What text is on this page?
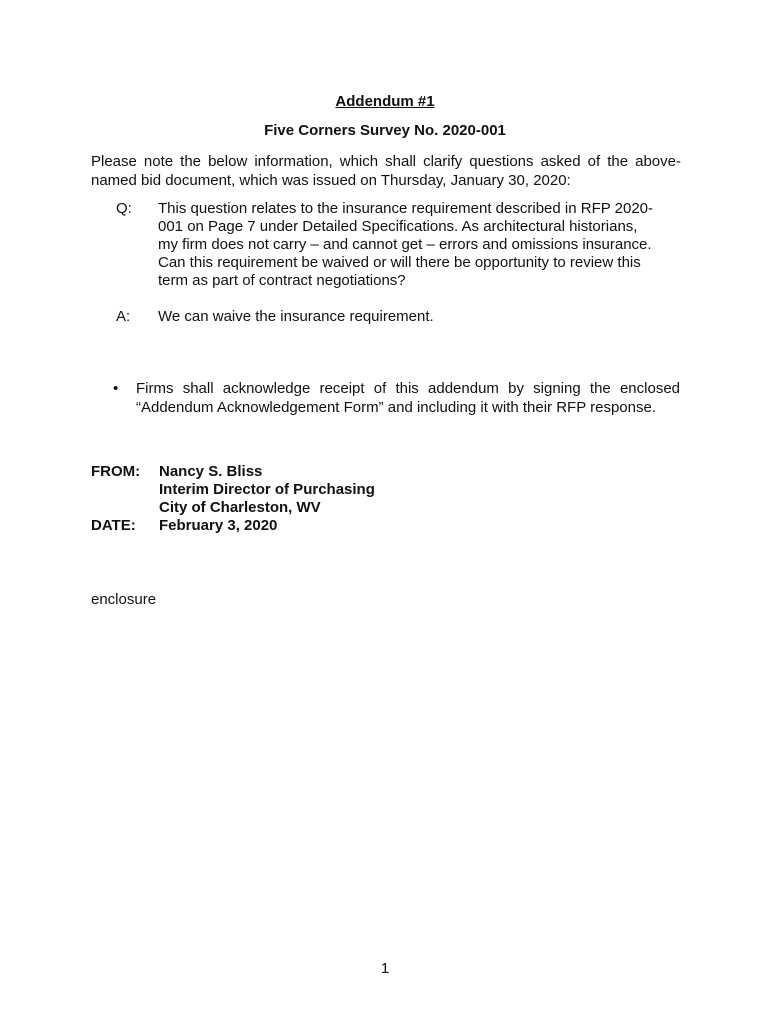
Addendum #1
Five Corners Survey No. 2020-001
Please note the below information, which shall clarify questions asked of the above-named bid document, which was issued on Thursday, January 30, 2020:
Q: This question relates to the insurance requirement described in RFP 2020-001 on Page 7 under Detailed Specifications. As architectural historians, my firm does not carry – and cannot get – errors and omissions insurance. Can this requirement be waived or will there be opportunity to review this term as part of contract negotiations?
A: We can waive the insurance requirement.
• Firms shall acknowledge receipt of this addendum by signing the enclosed “Addendum Acknowledgement Form” and including it with their RFP response.
FROM: Nancy S. Bliss
Interim Director of Purchasing
City of Charleston, WV
DATE: February 3, 2020
enclosure
1
